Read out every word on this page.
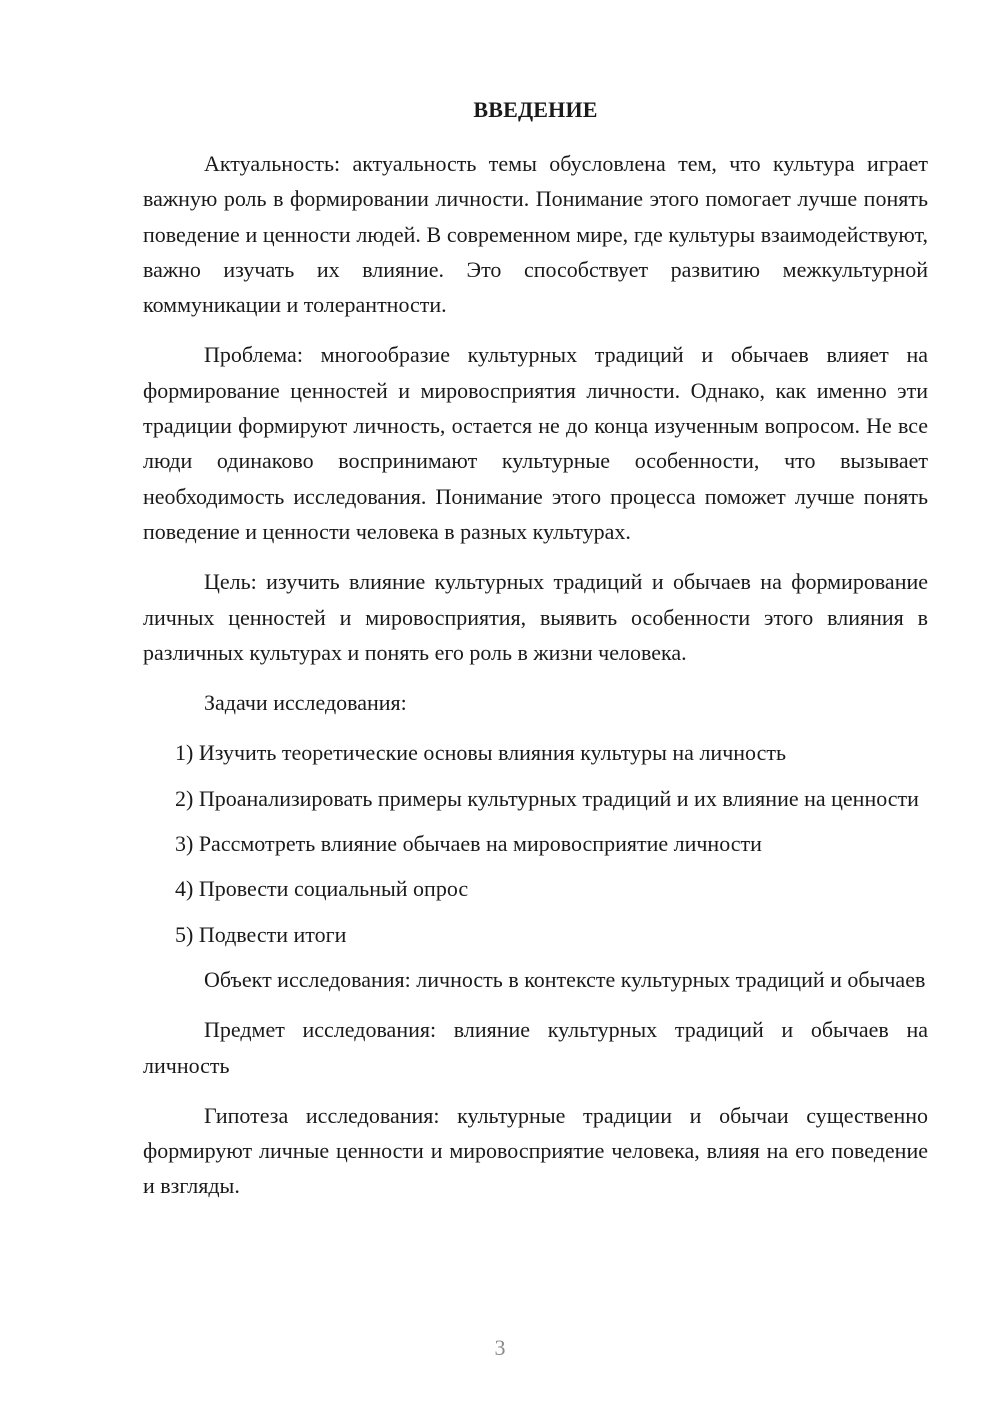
ВВЕДЕНИЕ

Актуальность: актуальность темы обусловлена тем, что культура играет важную роль в формировании личности. Понимание этого помогает лучше понять поведение и ценности людей. В современном мире, где культуры взаимодействуют, важно изучать их влияние. Это способствует развитию межкультурной коммуникации и толерантности.

Проблема: многообразие культурных традиций и обычаев влияет на формирование ценностей и мировосприятия личности. Однако, как именно эти традиции формируют личность, остается не до конца изученным вопросом. Не все люди одинаково воспринимают культурные особенности, что вызывает необходимость исследования. Понимание этого процесса поможет лучше понять поведение и ценности человека в разных культурах.

Цель: изучить влияние культурных традиций и обычаев на формирование личных ценностей и мировосприятия, выявить особенности этого влияния в различных культурах и понять его роль в жизни человека.

Задачи исследования:

1) Изучить теоретические основы влияния культуры на личность

2) Проанализировать примеры культурных традиций и их влияние на ценности

3) Рассмотреть влияние обычаев на мировосприятие личности

4) Провести социальный опрос

5) Подвести итоги

Объект исследования: личность в контексте культурных традиций и обычаев

Предмет исследования: влияние культурных традиций и обычаев на личность

Гипотеза исследования: культурные традиции и обычаи существенно формируют личные ценности и мировосприятие человека, влияя на его поведение и взгляды.

3
